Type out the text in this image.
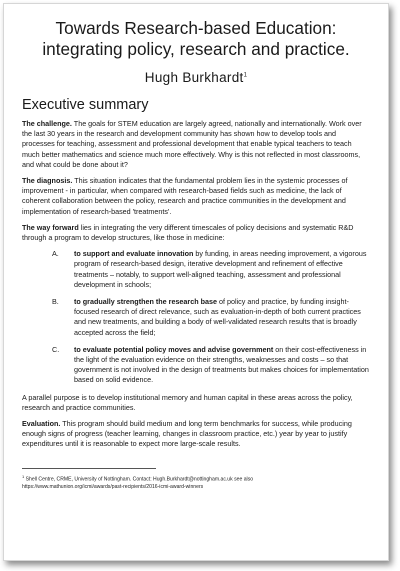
Towards Research-based Education:
integrating policy, research and practice.
Hugh Burkhardt$^1$
Executive summary

The challenge. The goals for STEM education are largely agreed, nationally and internationally. Work over the last 30 years in the research and development community has shown how to develop tools and processes for teaching, assessment and professional development that enable typical teachers to teach much better mathematics and science much more effectively. Why is this not reflected in most classrooms, and what could be done about it?

The diagnosis. This situation indicates that the fundamental problem lies in the systemic processes of improvement - in particular, when compared with research-based fields such as medicine, the lack of coherent collaboration between the policy, research and practice communities in the development and implementation of research-based 'treatments'.

The way forward lies in integrating the very different timescales of policy decisions and systematic R&D through a program to develop structures, like those in medicine:

A. to support and evaluate innovation by funding, in areas needing improvement, a vigorous program of research-based design, iterative development and refinement of effective treatments – notably, to support well-aligned teaching, assessment and professional development in schools;
B. to gradually strengthen the research base of policy and practice, by funding insight-focused research of direct relevance, such as evaluation-in-depth of both current practices and new treatments, and building a body of well-validated research results that is broadly accepted across the field;
C. to evaluate potential policy moves and advise government on their cost-effectiveness in the light of the evaluation evidence on their strengths, weaknesses and costs – so that government is not involved in the design of treatments but makes choices for implementation based on solid evidence.

A parallel purpose is to develop institutional memory and human capital in these areas across the policy, research and practice communities.

Evaluation. This program should build medium and long term benchmarks for success, while producing enough signs of progress (teacher learning, changes in classroom practice, etc.) year by year to justify expenditures until it is reasonable to expect more large-scale results.

$^1$ Shell Centre, CRME, University of Nottingham. Contact: Hugh.Burkhardt@nottingham.ac.uk see also
https://www.mathunion.org/icmi/awards/past-recipients/2016-icmi-award-winners
